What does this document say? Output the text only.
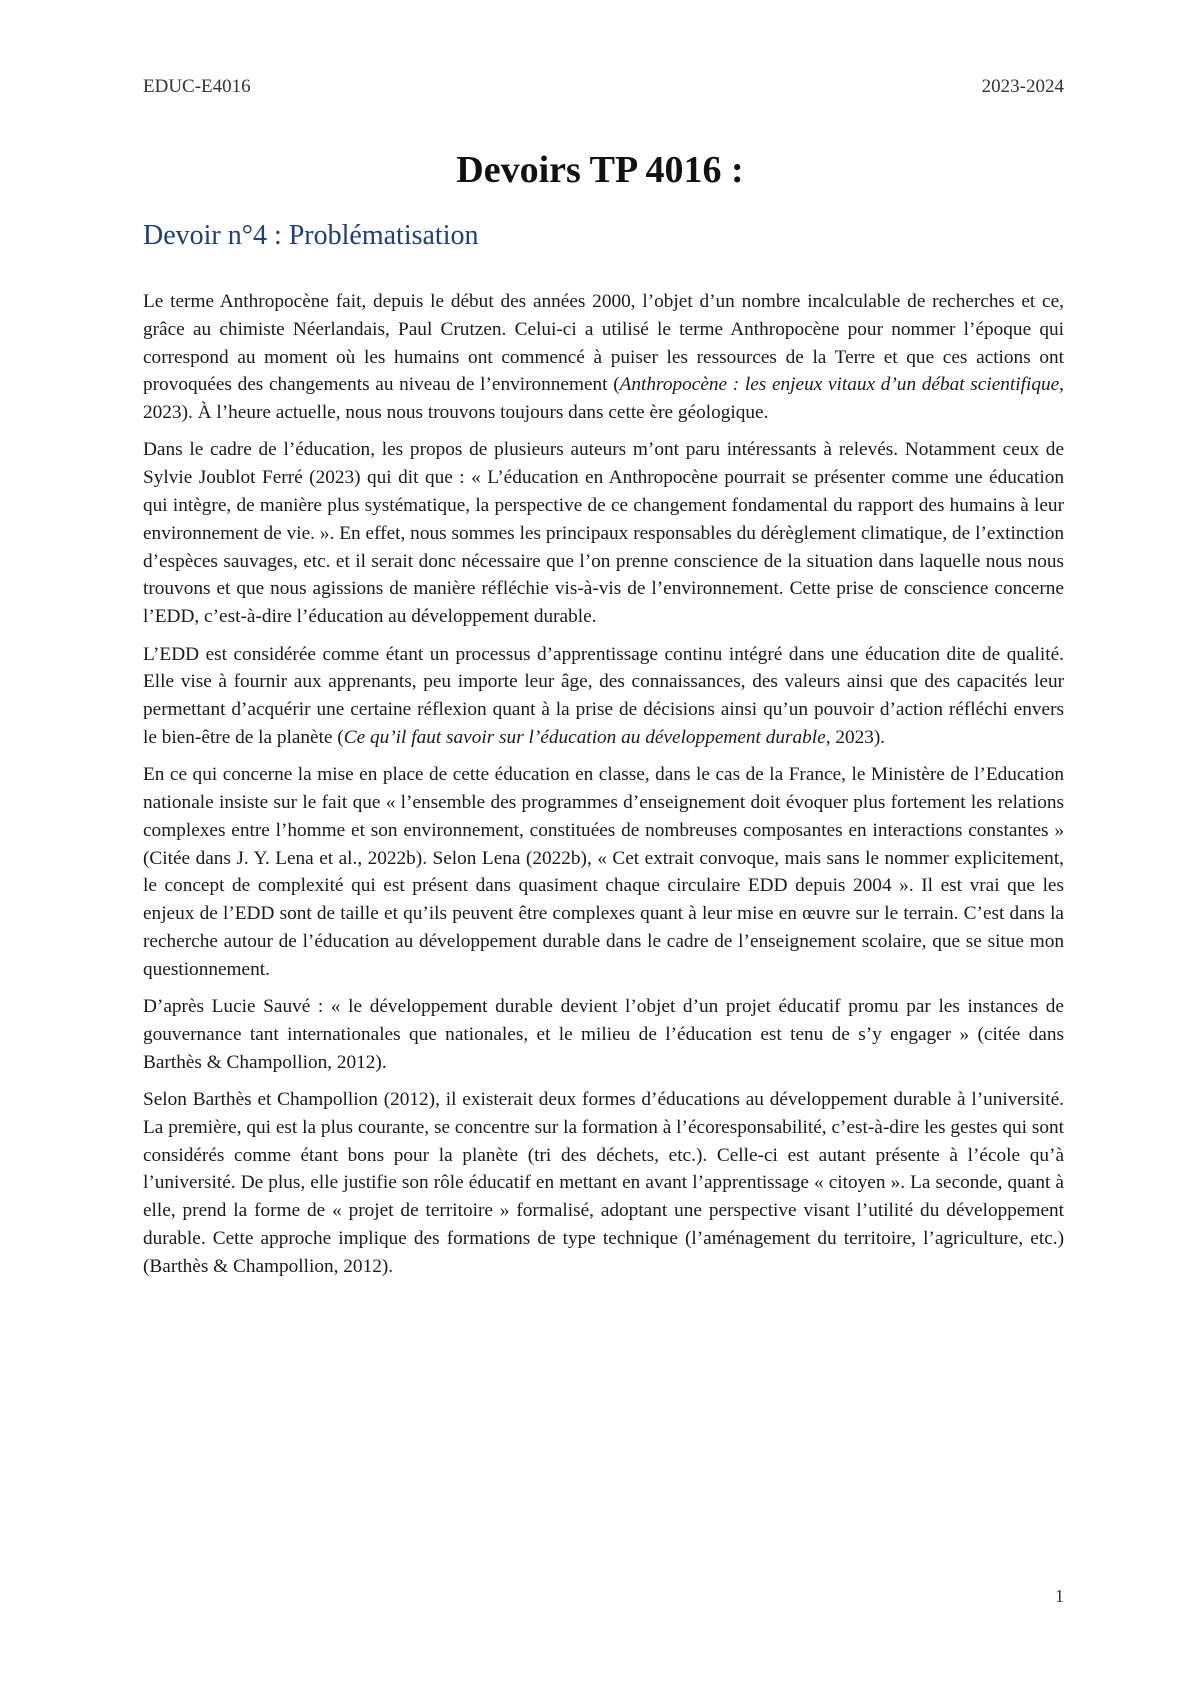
EDUC-E4016	2023-2024
Devoirs TP 4016 :
Devoir n°4 : Problématisation

Le terme Anthropocène fait, depuis le début des années 2000, l’objet d’un nombre incalculable de recherches et ce, grâce au chimiste Néerlandais, Paul Crutzen. Celui-ci a utilisé le terme Anthropocène pour nommer l’époque qui correspond au moment où les humains ont commencé à puiser les ressources de la Terre et que ces actions ont provoquées des changements au niveau de l’environnement (Anthropocène : les enjeux vitaux d’un débat scientifique, 2023). À l’heure actuelle, nous nous trouvons toujours dans cette ère géologique.

Dans le cadre de l’éducation, les propos de plusieurs auteurs m’ont paru intéressants à relevés. Notamment ceux de Sylvie Joublot Ferré (2023) qui dit que : « L’éducation en Anthropocène pourrait se présenter comme une éducation qui intègre, de manière plus systématique, la perspective de ce changement fondamental du rapport des humains à leur environnement de vie. ». En effet, nous sommes les principaux responsables du dérèglement climatique, de l’extinction d’espèces sauvages, etc. et il serait donc nécessaire que l’on prenne conscience de la situation dans laquelle nous nous trouvons et que nous agissions de manière réfléchie vis-à-vis de l’environnement. Cette prise de conscience concerne l’EDD, c’est-à-dire l’éducation au développement durable.

L’EDD est considérée comme étant un processus d’apprentissage continu intégré dans une éducation dite de qualité. Elle vise à fournir aux apprenants, peu importe leur âge, des connaissances, des valeurs ainsi que des capacités leur permettant d’acquérir une certaine réflexion quant à la prise de décisions ainsi qu’un pouvoir d’action réfléchi envers le bien-être de la planète (Ce qu’il faut savoir sur l’éducation au développement durable, 2023).

En ce qui concerne la mise en place de cette éducation en classe, dans le cas de la France, le Ministère de l’Education nationale insiste sur le fait que « l’ensemble des programmes d’enseignement doit évoquer plus fortement les relations complexes entre l’homme et son environnement, constituées de nombreuses composantes en interactions constantes » (Citée dans J. Y. Lena et al., 2022b). Selon Lena (2022b), « Cet extrait convoque, mais sans le nommer explicitement, le concept de complexité qui est présent dans quasiment chaque circulaire EDD depuis 2004 ». Il est vrai que les enjeux de l’EDD sont de taille et qu’ils peuvent être complexes quant à leur mise en œuvre sur le terrain. C’est dans la recherche autour de l’éducation au développement durable dans le cadre de l’enseignement scolaire, que se situe mon questionnement.

D’après Lucie Sauvé : « le développement durable devient l’objet d’un projet éducatif promu par les instances de gouvernance tant internationales que nationales, et le milieu de l’éducation est tenu de s’y engager » (citée dans Barthès & Champollion, 2012).

Selon Barthès et Champollion (2012), il existerait deux formes d’éducations au développement durable à l’université. La première, qui est la plus courante, se concentre sur la formation à l’écoresponsabilité, c’est-à-dire les gestes qui sont considérés comme étant bons pour la planète (tri des déchets, etc.). Celle-ci est autant présente à l’école qu’à l’université. De plus, elle justifie son rôle éducatif en mettant en avant l’apprentissage « citoyen ». La seconde, quant à elle, prend la forme de « projet de territoire » formalisé, adoptant une perspective visant l’utilité du développement durable. Cette approche implique des formations de type technique (l’aménagement du territoire, l’agriculture, etc.) (Barthès & Champollion, 2012).

1
